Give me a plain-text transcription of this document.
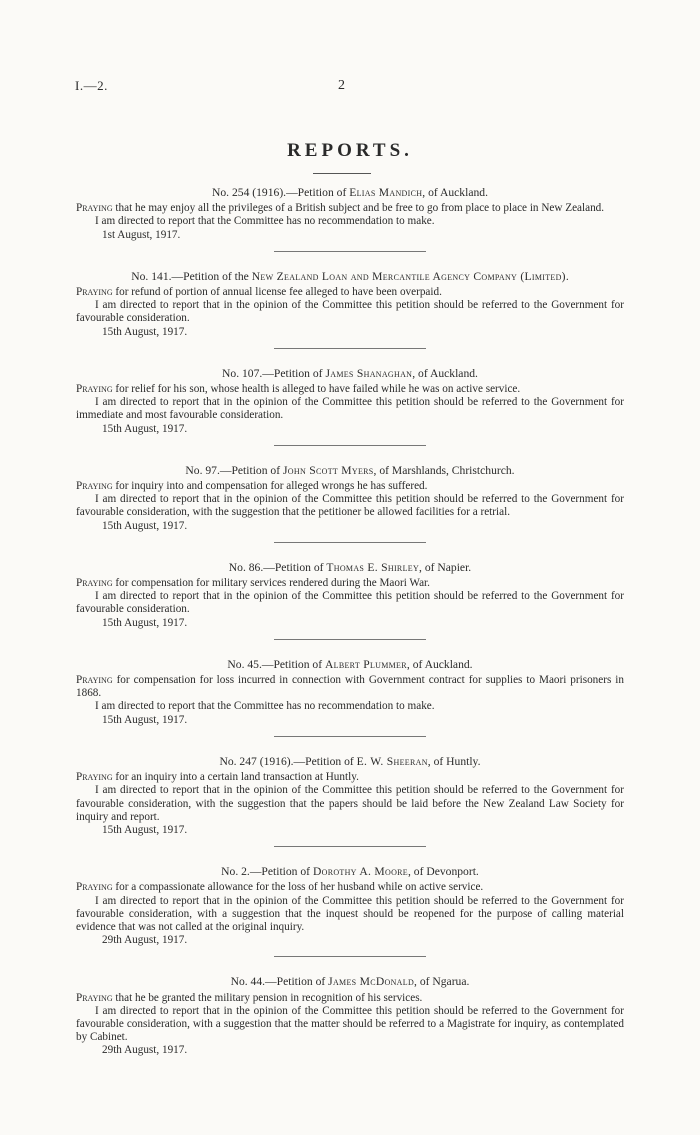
I.—2.	2
REPORTS.
No. 254 (1916).—Petition of Elias Mandich, of Auckland.

Praying that he may enjoy all the privileges of a British subject and be free to go from place to place in New Zealand.

I am directed to report that the Committee has no recommendation to make.

1st August, 1917.

No. 141.—Petition of the New Zealand Loan and Mercantile Agency Company (Limited).

Praying for refund of portion of annual license fee alleged to have been overpaid.

I am directed to report that in the opinion of the Committee this petition should be referred to the Government for favourable consideration.

15th August, 1917.

No. 107.—Petition of James Shanaghan, of Auckland.

Praying for relief for his son, whose health is alleged to have failed while he was on active service.

I am directed to report that in the opinion of the Committee this petition should be referred to the Government for immediate and most favourable consideration.

15th August, 1917.

No. 97.—Petition of John Scott Myers, of Marshlands, Christchurch.

Praying for inquiry into and compensation for alleged wrongs he has suffered.

I am directed to report that in the opinion of the Committee this petition should be referred to the Government for favourable consideration, with the suggestion that the petitioner be allowed facilities for a retrial.

15th August, 1917.

No. 86.—Petition of Thomas E. Shirley, of Napier.

Praying for compensation for military services rendered during the Maori War.

I am directed to report that in the opinion of the Committee this petition should be referred to the Government for favourable consideration.

15th August, 1917.

No. 45.—Petition of Albert Plummer, of Auckland.

Praying for compensation for loss incurred in connection with Government contract for supplies to Maori prisoners in 1868.

I am directed to report that the Committee has no recommendation to make.

15th August, 1917.

No. 247 (1916).—Petition of E. W. Sheeran, of Huntly.

Praying for an inquiry into a certain land transaction at Huntly.

I am directed to report that in the opinion of the Committee this petition should be referred to the Government for favourable consideration, with the suggestion that the papers should be laid before the New Zealand Law Society for inquiry and report.

15th August, 1917.

No. 2.—Petition of Dorothy A. Moore, of Devonport.

Praying for a compassionate allowance for the loss of her husband while on active service.

I am directed to report that in the opinion of the Committee this petition should be referred to the Government for favourable consideration, with a suggestion that the inquest should be reopened for the purpose of calling material evidence that was not called at the original inquiry.

29th August, 1917.

No. 44.—Petition of James McDonald, of Ngarua.

Praying that he be granted the military pension in recognition of his services.

I am directed to report that in the opinion of the Committee this petition should be referred to the Government for favourable consideration, with a suggestion that the matter should be referred to a Magistrate for inquiry, as contemplated by Cabinet.

29th August, 1917.
